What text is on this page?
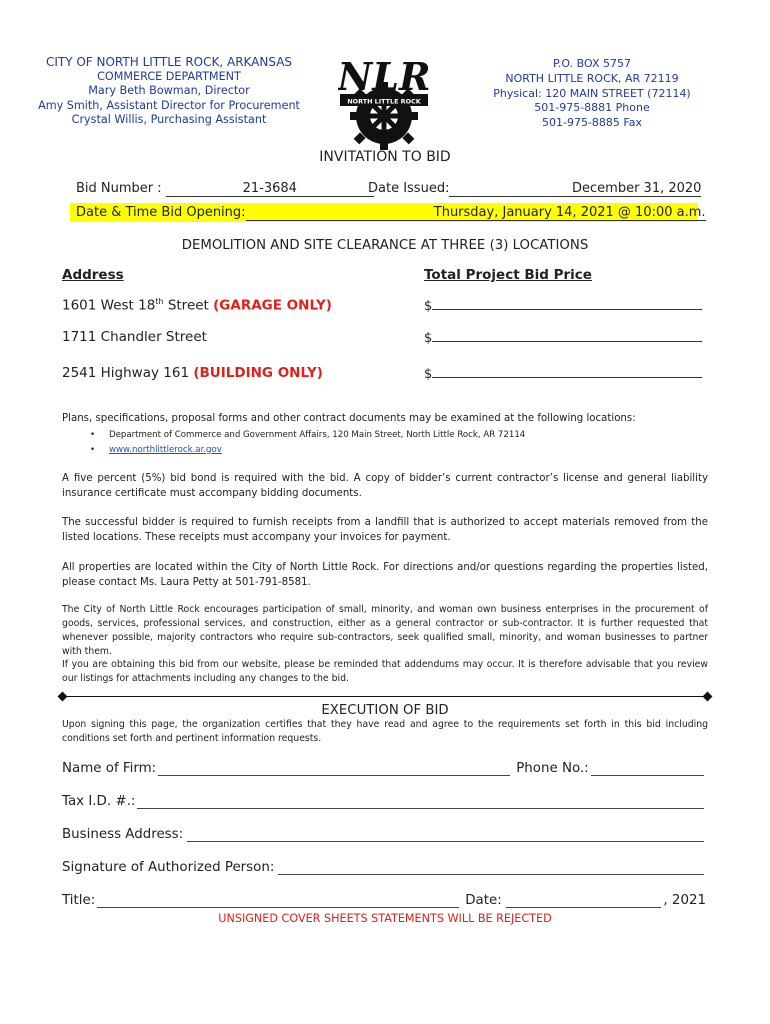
CITY OF NORTH LITTLE ROCK, ARKANSAS
COMMERCE DEPARTMENT
Mary Beth Bowman, Director
Amy Smith, Assistant Director for Procurement
Crystal Willis, Purchasing Assistant
NORTH LITTLE ROCK
NLR	P.O. BOX 5757
NORTH LITTLE ROCK, AR 72119
Physical: 120 MAIN STREET (72114)
501-975-8881 Phone
501-975-8885 Fax
INVITATION TO BID
Bid Number :	21-3684	Date Issued:	December 31, 2020
Date & Time Bid Opening:	Thursday, January 14, 2021 @ 10:00 a.m.
DEMOLITION AND SITE CLEARANCE AT THREE (3) LOCATIONS
Address	Total Project Bid Price
1601 West 18th Street (GARAGE ONLY)	$
1711 Chandler Street	$
2541 Highway 161 (BUILDING ONLY)	$
Plans, specifications, proposal forms and other contract documents may be examined at the following locations:
• Department of Commerce and Government Affairs, 120 Main Street, North Little Rock, AR 72114
• www.northlittlerock.ar.gov
A five percent (5%) bid bond is required with the bid. A copy of bidder’s current contractor’s license and general liability insurance certificate must accompany bidding documents.
The successful bidder is required to furnish receipts from a landfill that is authorized to accept materials removed from the listed locations. These receipts must accompany your invoices for payment.
All properties are located within the City of North Little Rock. For directions and/or questions regarding the properties listed, please contact Ms. Laura Petty at 501-791-8581.
The City of North Little Rock encourages participation of small, minority, and woman own business enterprises in the procurement of goods, services, professional services, and construction, either as a general contractor or sub-contractor. It is further requested that whenever possible, majority contractors who require sub-contractors, seek qualified small, minority, and woman businesses to partner with them.
If you are obtaining this bid from our website, please be reminded that addendums may occur. It is therefore advisable that you review our listings for attachments including any changes to the bid.
EXECUTION OF BID
Upon signing this page, the organization certifies that they have read and agree to the requirements set forth in this bid including conditions set forth and pertinent information requests.
Name of Firm:	Phone No.:
Tax I.D. #.:
Business Address:
Signature of Authorized Person:
Title:	Date:	, 2021
UNSIGNED COVER SHEETS STATEMENTS WILL BE REJECTED
